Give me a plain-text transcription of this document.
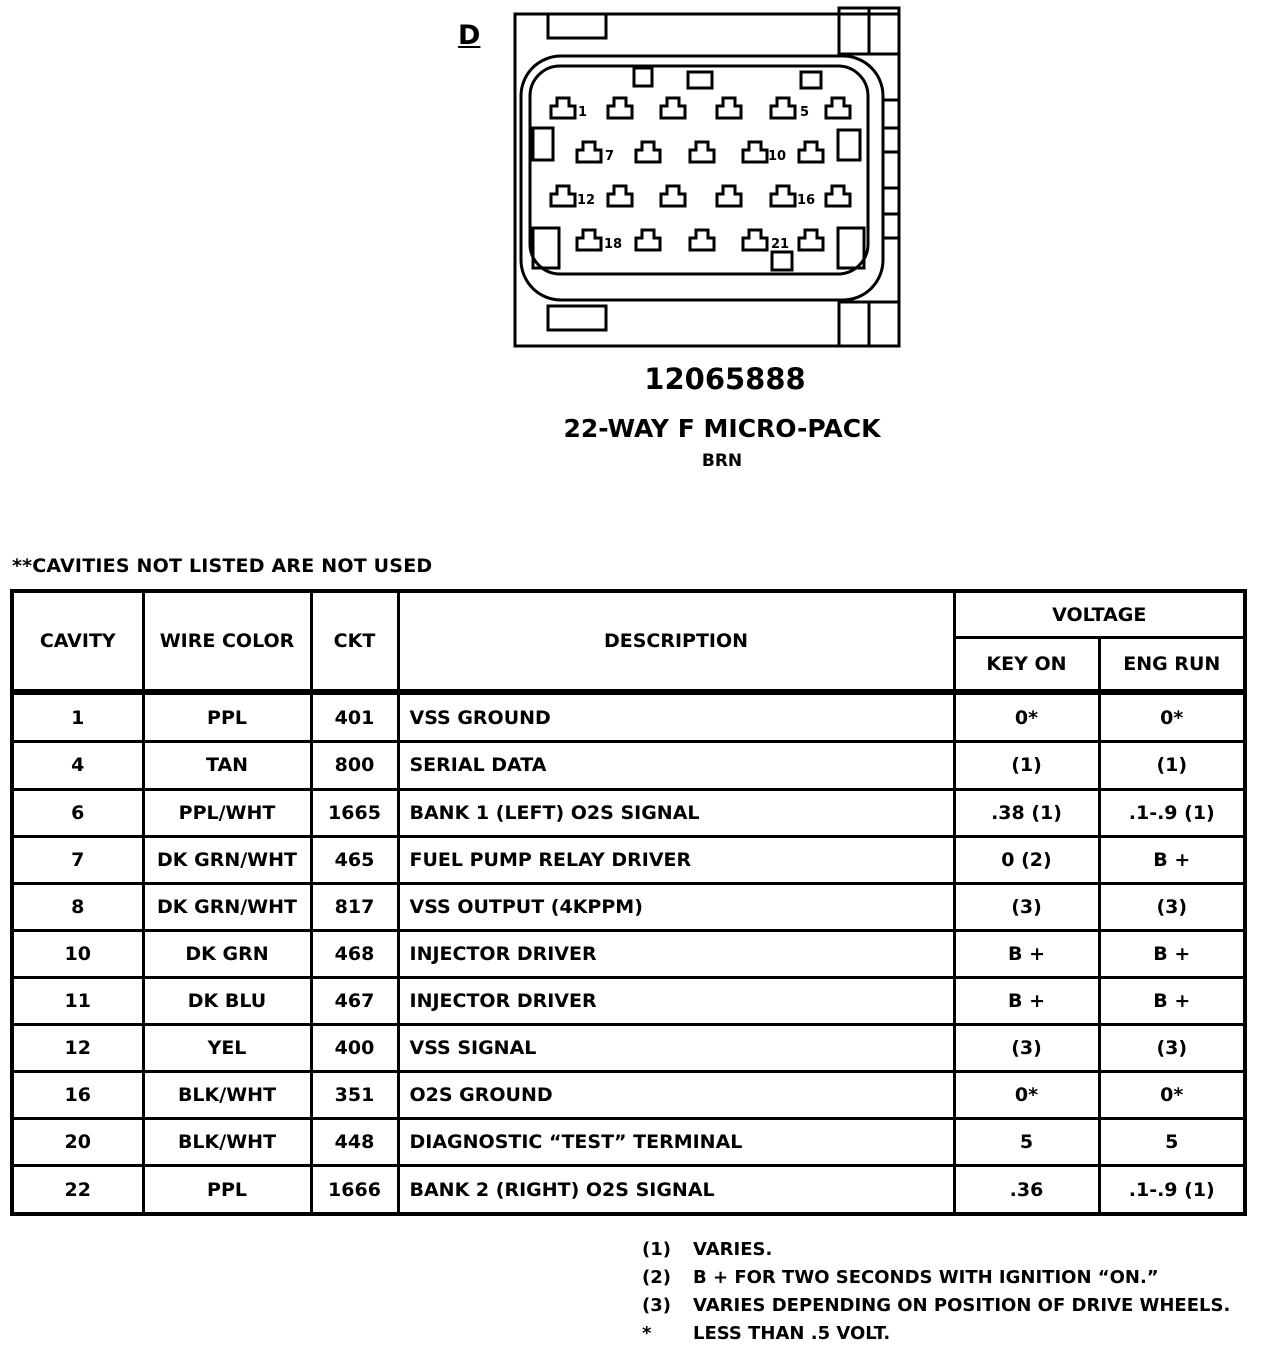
D
1	5
7	10
12	16
18	21
12065888
22-WAY F MICRO-PACK
BRN
**CAVITIES NOT LISTED ARE NOT USED
CAVITY	WIRE COLOR	CKT	DESCRIPTION	VOLTAGE	
				KEY ON	ENG RUN
1	PPL	401	VSS GROUND	0*	0*
4	TAN	800	SERIAL DATA	(1)	(1)
6	PPL/WHT	1665	BANK 1 (LEFT) O2S SIGNAL	.38 (1)	.1-.9 (1)
7	DK GRN/WHT	465	FUEL PUMP RELAY DRIVER	0 (2)	B +
8	DK GRN/WHT	817	VSS OUTPUT (4KPPM)	(3)	(3)
10	DK GRN	468	INJECTOR DRIVER	B +	B +
11	DK BLU	467	INJECTOR DRIVER	B +	B +
12	YEL	400	VSS SIGNAL	(3)	(3)
16	BLK/WHT	351	O2S GROUND	0*	0*
20	BLK/WHT	448	DIAGNOSTIC “TEST” TERMINAL	5	5
22	PPL	1666	BANK 2 (RIGHT) O2S SIGNAL	.36	.1-.9 (1)
(1)	VARIES.
(2)	B + FOR TWO SECONDS WITH IGNITION “ON.”
(3)	VARIES DEPENDING ON POSITION OF DRIVE WHEELS.
*	LESS THAN .5 VOLT.
